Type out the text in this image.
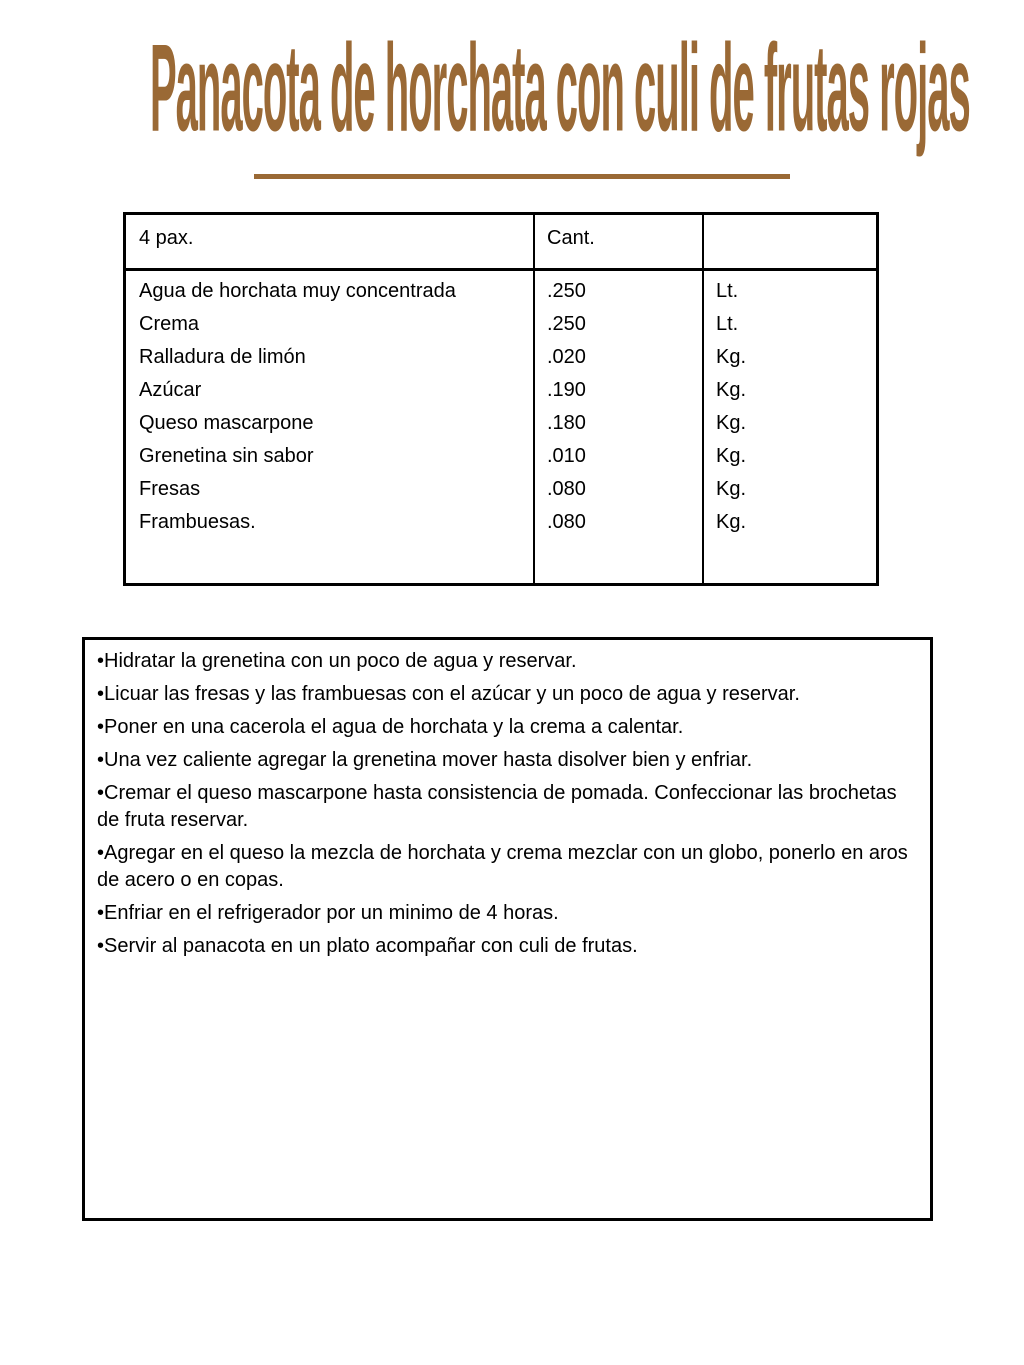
Panacota de horchata con culi de frutas rojas
4 pax.	Cant.
Agua de horchata muy concentrada
Crema
Ralladura de limón
Azúcar
Queso mascarpone
Grenetina sin sabor
Fresas
Frambuesas.
.250
.250
.020
.190
.180
.010
.080
.080
Lt.
Lt.
Kg.
Kg.
Kg.
Kg.
Kg.
Kg.
•Hidratar la grenetina con un poco de agua y reservar.
•Licuar las fresas y las frambuesas con el azúcar y un poco de agua y reservar.
•Poner en una cacerola el agua de horchata y la crema a calentar.
•Una vez caliente agregar la grenetina mover hasta disolver bien y enfriar.
•Cremar el queso mascarpone hasta consistencia de pomada. Confeccionar las brochetas de fruta reservar.
•Agregar en el queso la mezcla de horchata y crema mezclar con un globo, ponerlo en aros de acero o en copas.
•Enfriar en el refrigerador por un minimo de 4 horas.
•Servir al panacota en un plato acompañar con culi de frutas.
